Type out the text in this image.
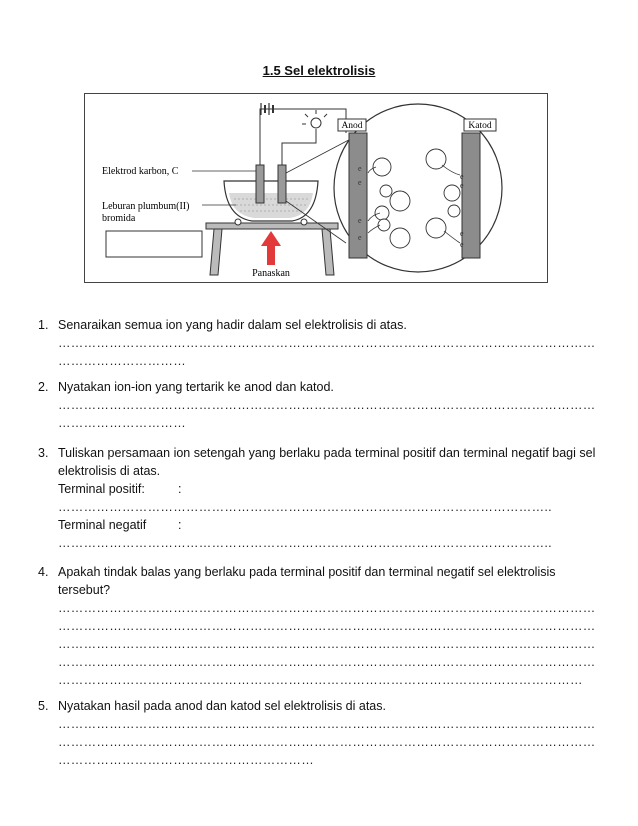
1.5 Sel elektrolisis
Panaskan
Elektrod karbon, C
Leburan plumbum(II)
bromida
Anod	Katod
e
e
e
e
e
e
e
e
1. Senaraikan semua ion yang hadir dalam sel elektrolisis di atas.
………………………………………………………………………………………………………………
…………………………
2. Nyatakan ion-ion yang tertarik ke anod dan katod.
………………………………………………………………………………………………………………
…………………………
3. Tuliskan persamaan ion setengah yang berlaku pada terminal positif dan terminal negatif bagi sel
elektrolisis di atas.
Terminal positif:	:
……………………………………………………………………………………………………..
Terminal negatif	:
……………………………………………………………………………………………………..
4. Apakah tindak balas yang berlaku pada terminal positif dan terminal negatif sel elektrolisis
tersebut?
………………………………………………………………………………………………………………
………………………………………………………………………………………………………………
………………………………………………………………………………………………………………
………………………………………………………………………………………………………………
……………………………………………………………………………………………………………
5. Nyatakan hasil pada anod dan katod sel elektrolisis di atas.
………………………………………………………………………………………………………………
………………………………………………………………………………………………………………
……………………………………………………
